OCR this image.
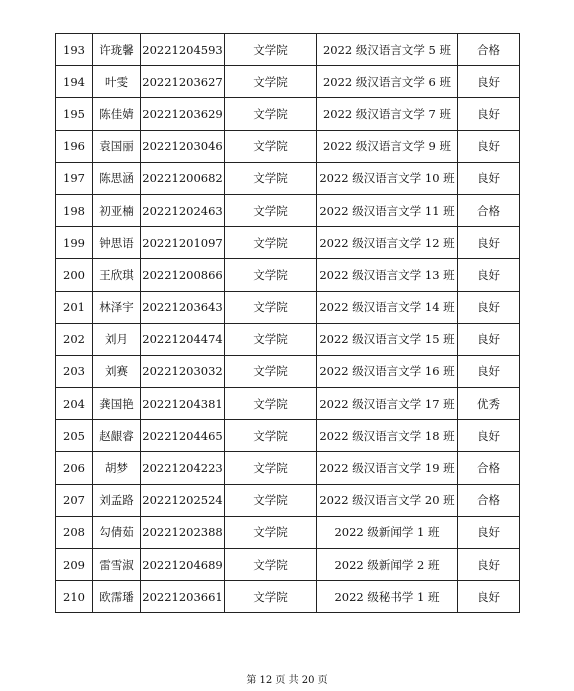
193	许珑馨	20221204593	文学院	2022 级汉语言文学 5 班	合格
194	叶雯	20221203627	文学院	2022 级汉语言文学 6 班	良好
195	陈佳婧	20221203629	文学院	2022 级汉语言文学 7 班	良好
196	袁国丽	20221203046	文学院	2022 级汉语言文学 9 班	良好
197	陈思涵	20221200682	文学院	2022 级汉语言文学 10 班	良好
198	初亚楠	20221202463	文学院	2022 级汉语言文学 11 班	合格
199	钟思语	20221201097	文学院	2022 级汉语言文学 12 班	良好
200	王欣琪	20221200866	文学院	2022 级汉语言文学 13 班	良好
201	林泽宇	20221203643	文学院	2022 级汉语言文学 14 班	良好
202	刘月	20221204474	文学院	2022 级汉语言文学 15 班	良好
203	刘赛	20221203032	文学院	2022 级汉语言文学 16 班	良好
204	龚国艳	20221204381	文学院	2022 级汉语言文学 17 班	优秀
205	赵龈睿	20221204465	文学院	2022 级汉语言文学 18 班	良好
206	胡梦	20221204223	文学院	2022 级汉语言文学 19 班	合格
207	刘孟路	20221202524	文学院	2022 级汉语言文学 20 班	合格
208	勾倩茹	20221202388	文学院	2022 级新闻学 1 班	良好
209	雷雪淑	20221204689	文学院	2022 级新闻学 2 班	良好
210	欧霈璠	20221203661	文学院	2022 级秘书学 1 班	良好
第 12 页 共 20 页
